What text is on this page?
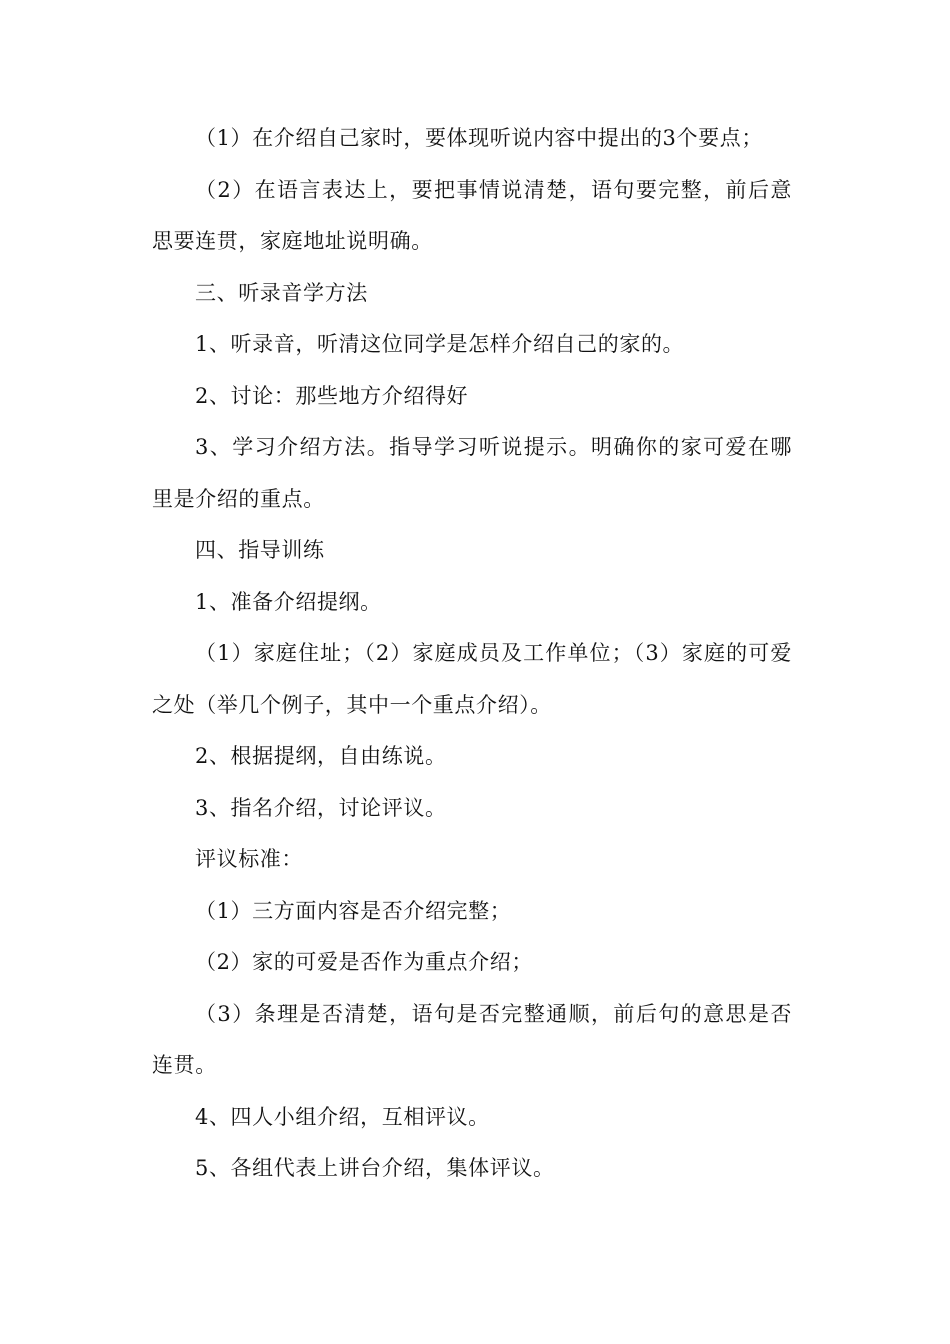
（1）在介绍自己家时，要体现听说内容中提出的3个要点；

（2）在语言表达上，要把事情说清楚，语句要完整，前后意思要连贯，家庭地址说明确。

三、听录音学方法

1、听录音，听清这位同学是怎样介绍自己的家的。

2、讨论：那些地方介绍得好

3、学习介绍方法。指导学习听说提示。明确你的家可爱在哪里是介绍的重点。

四、指导训练

1、准备介绍提纲。

（1）家庭住址；（2）家庭成员及工作单位；（3）家庭的可爱之处（举几个例子，其中一个重点介绍）。

2、根据提纲，自由练说。

3、指名介绍，讨论评议。

评议标准：

（1）三方面内容是否介绍完整；

（2）家的可爱是否作为重点介绍；

（3）条理是否清楚，语句是否完整通顺，前后句的意思是否连贯。

4、四人小组介绍，互相评议。

5、各组代表上讲台介绍，集体评议。
